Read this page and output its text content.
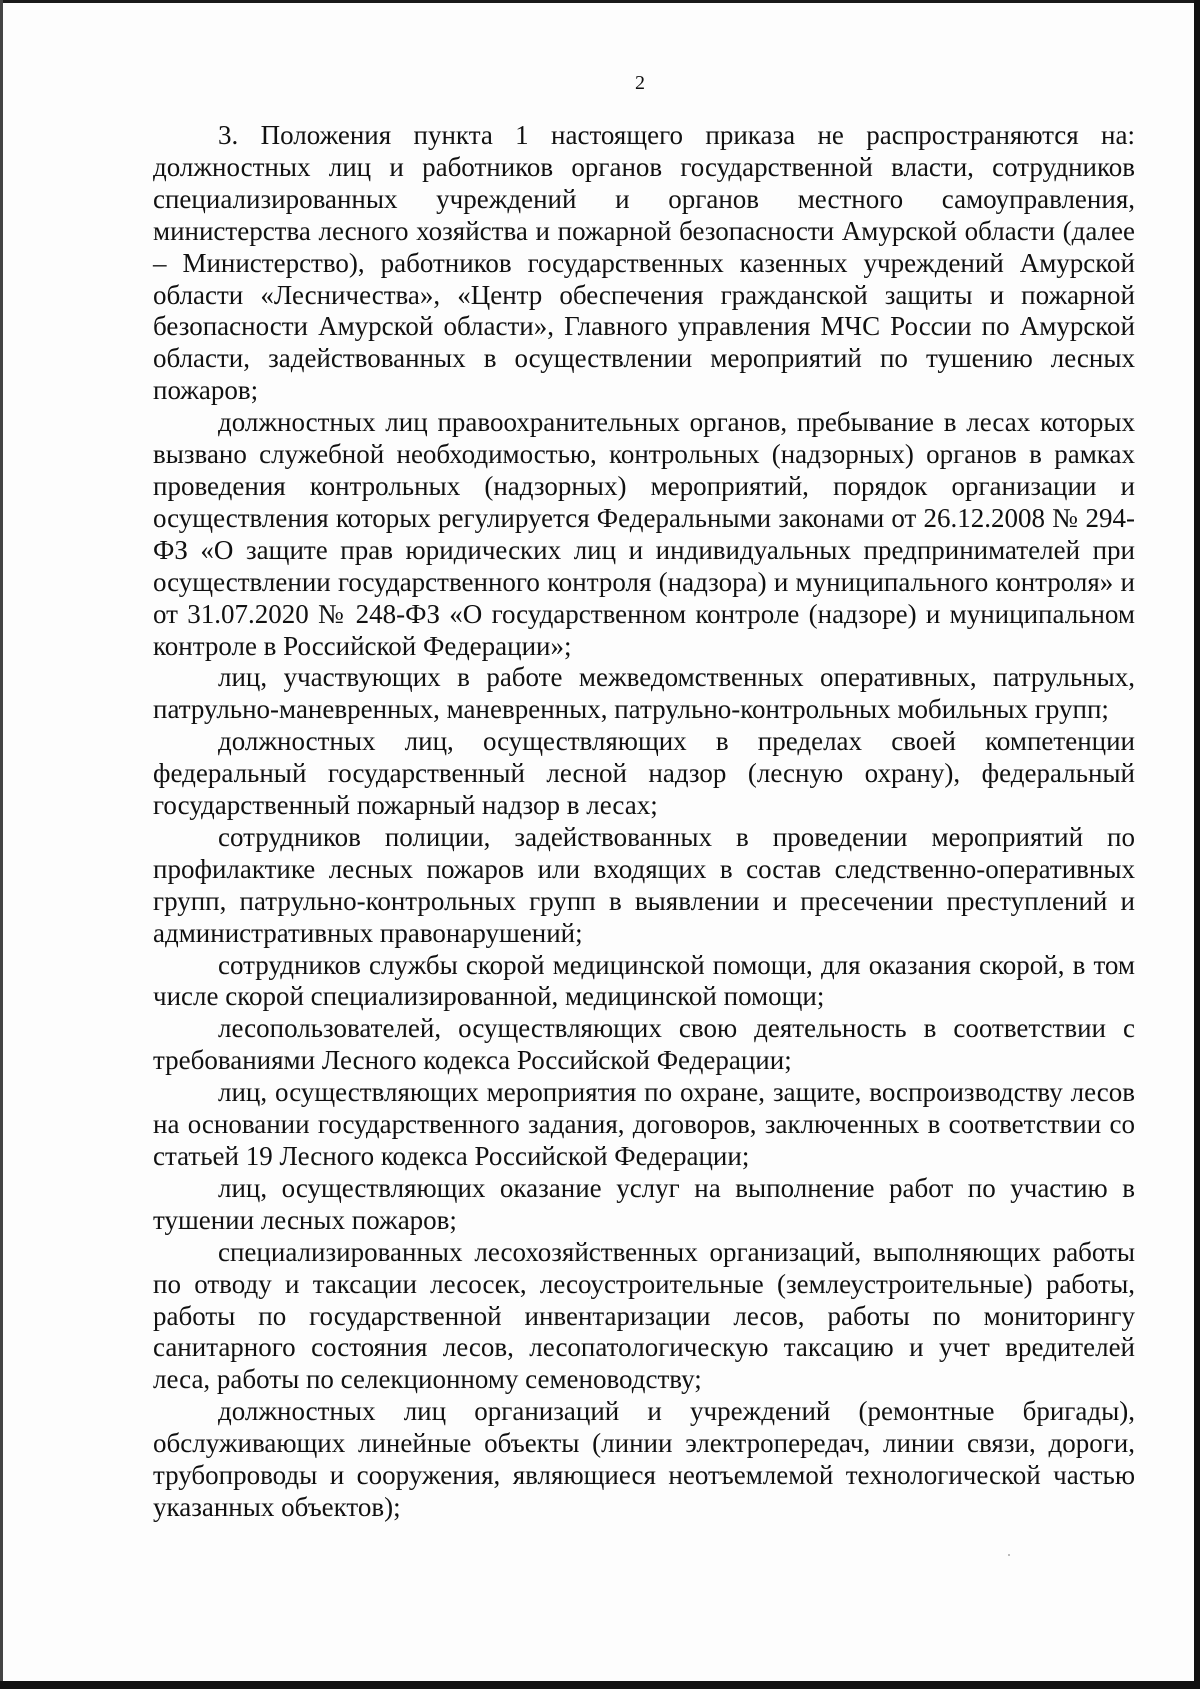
2

3. Положения пункта 1 настоящего приказа не распространяются на: должностных лиц и работников органов государственной власти, сотрудников специализированных учреждений и органов местного самоуправления, министерства лесного хозяйства и пожарной безопасности Амурской области (далее – Министерство), работников государственных казенных учреждений Амурской области «Лесничества», «Центр обеспечения гражданской защиты и пожарной безопасности Амурской области», Главного управления МЧС России по Амурской области, задействованных в осуществлении мероприятий по тушению лесных пожаров;

должностных лиц правоохранительных органов, пребывание в лесах которых вызвано служебной необходимостью, контрольных (надзорных) органов в рамках проведения контрольных (надзорных) мероприятий, порядок организации и осуществления которых регулируется Федеральными законами от 26.12.2008 № 294-ФЗ «О защите прав юридических лиц и индивидуальных предпринимателей при осуществлении государственного контроля (надзора) и муниципального контроля» и от 31.07.2020 № 248-ФЗ «О государственном контроле (надзоре) и муниципальном контроле в Российской Федерации»;

лиц, участвующих в работе межведомственных оперативных, патрульных, патрульно-маневренных, маневренных, патрульно-контрольных мобильных групп;

должностных лиц, осуществляющих в пределах своей компетенции федеральный государственный лесной надзор (лесную охрану), федеральный государственный пожарный надзор в лесах;

сотрудников полиции, задействованных в проведении мероприятий по профилактике лесных пожаров или входящих в состав следственно-оперативных групп, патрульно-контрольных групп в выявлении и пресечении преступлений и административных правонарушений;

сотрудников службы скорой медицинской помощи, для оказания скорой, в том числе скорой специализированной, медицинской помощи;

лесопользователей, осуществляющих свою деятельность в соответствии с требованиями Лесного кодекса Российской Федерации;

лиц, осуществляющих мероприятия по охране, защите, воспроизводству лесов на основании государственного задания, договоров, заключенных в соответствии со статьей 19 Лесного кодекса Российской Федерации;

лиц, осуществляющих оказание услуг на выполнение работ по участию в тушении лесных пожаров;

специализированных лесохозяйственных организаций, выполняющих работы по отводу и таксации лесосек, лесоустроительные (землеустроительные) работы, работы по государственной инвентаризации лесов, работы по мониторингу санитарного состояния лесов, лесопатологическую таксацию и учет вредителей леса, работы по селекционному семеноводству;

должностных лиц организаций и учреждений (ремонтные бригады), обслуживающих линейные объекты (линии электропередач, линии связи, дороги, трубопроводы и сооружения, являющиеся неотъемлемой технологической частью указанных объектов);
